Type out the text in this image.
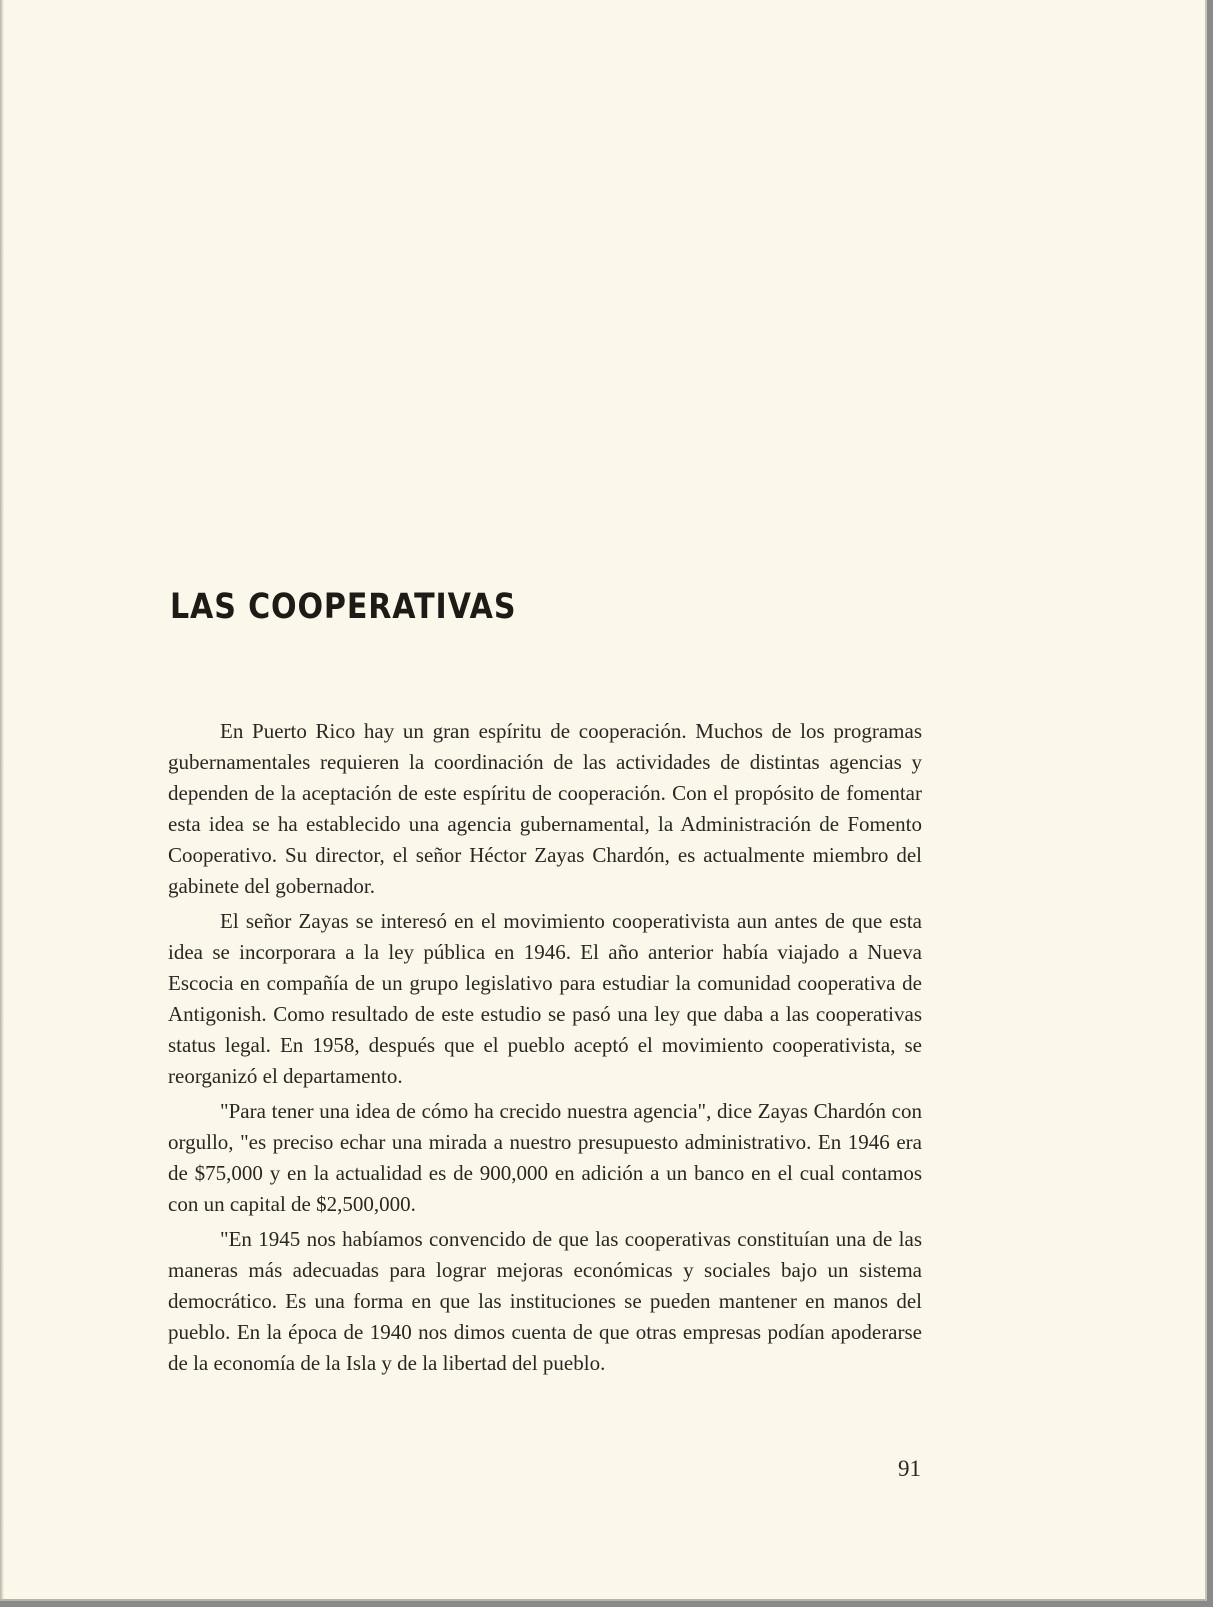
LAS COOPERATIVAS

En Puerto Rico hay un gran espíritu de cooperación. Muchos de los programas gubernamentales requieren la coordinación de las actividades de distintas agencias y dependen de la aceptación de este espíritu de cooperación. Con el propósito de fomentar esta idea se ha establecido una agencia gubernamental, la Administración de Fomento Cooperativo. Su director, el señor Héctor Zayas Chardón, es actualmente miembro del gabinete del gobernador.

El señor Zayas se interesó en el movimiento cooperativista aun antes de que esta idea se incorporara a la ley pública en 1946. El año anterior había viajado a Nueva Escocia en compañía de un grupo legislativo para estudiar la comunidad cooperativa de Antigonish. Como resultado de este estudio se pasó una ley que daba a las cooperativas status legal. En 1958, después que el pueblo aceptó el movimiento cooperativista, se reorganizó el departamento.

"Para tener una idea de cómo ha crecido nuestra agencia", dice Zayas Chardón con orgullo, "es preciso echar una mirada a nuestro presupuesto administrativo. En 1946 era de $75,000 y en la actualidad es de 900,000 en adición a un banco en el cual contamos con un capital de $2,500,000.

"En 1945 nos habíamos convencido de que las cooperativas constituían una de las maneras más adecuadas para lograr mejoras económicas y sociales bajo un sistema democrático. Es una forma en que las instituciones se pueden mantener en manos del pueblo. En la época de 1940 nos dimos cuenta de que otras empresas podían apoderarse de la economía de la Isla y de la libertad del pueblo.

91
